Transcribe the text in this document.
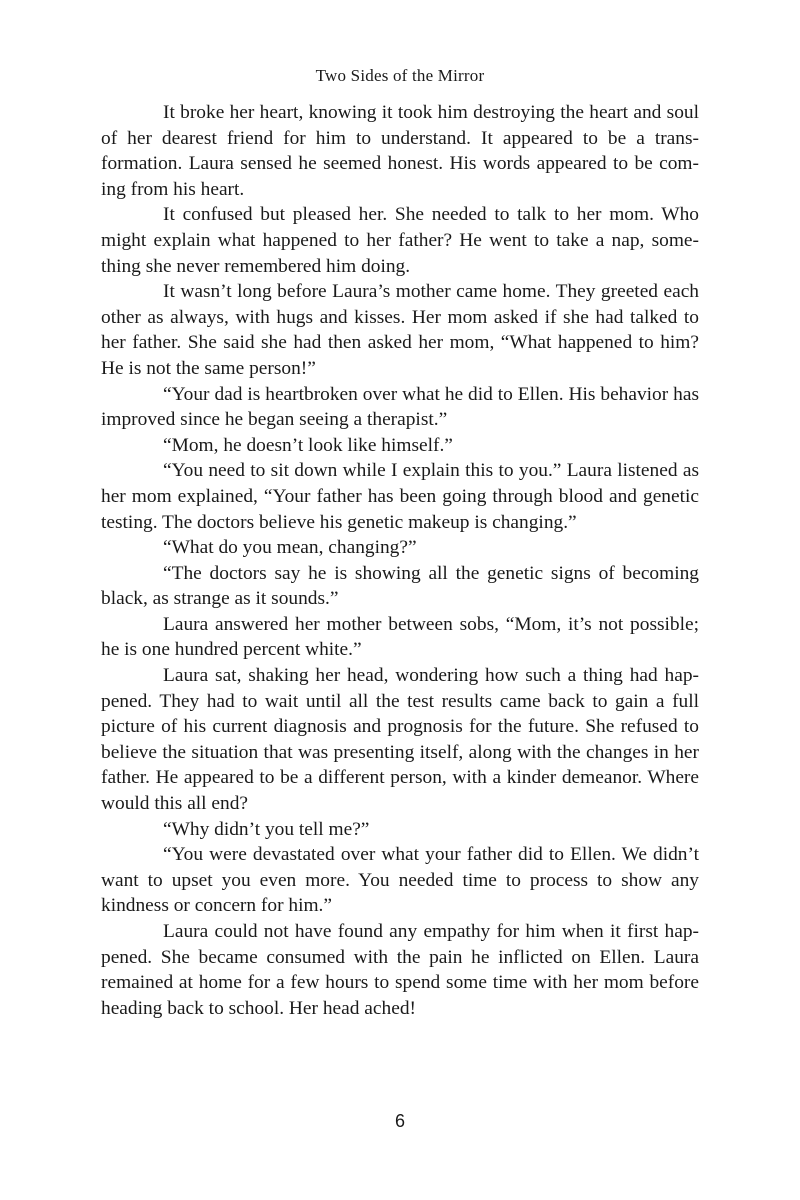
Two Sides of the Mirror

It broke her heart, knowing it took him destroying the heart and soul of her dearest friend for him to understand. It appeared to be a transformation. Laura sensed he seemed honest. His words appeared to be coming from his heart.

It confused but pleased her. She needed to talk to her mom. Who might explain what happened to her father? He went to take a nap, something she never remembered him doing.

It wasn’t long before Laura’s mother came home. They greeted each other as always, with hugs and kisses. Her mom asked if she had talked to her father. She said she had then asked her mom, “What happened to him? He is not the same person!”

“Your dad is heartbroken over what he did to Ellen. His behavior has improved since he began seeing a therapist.”

“Mom, he doesn’t look like himself.”

“You need to sit down while I explain this to you.” Laura listened as her mom explained, “Your father has been going through blood and genetic testing. The doctors believe his genetic makeup is changing.”

“What do you mean, changing?”

“The doctors say he is showing all the genetic signs of becoming black, as strange as it sounds.”

Laura answered her mother between sobs, “Mom, it’s not possible; he is one hundred percent white.”

Laura sat, shaking her head, wondering how such a thing had happened. They had to wait until all the test results came back to gain a full picture of his current diagnosis and prognosis for the future. She refused to believe the situation that was presenting itself, along with the changes in her father. He appeared to be a different person, with a kinder demeanor. Where would this all end?

“Why didn’t you tell me?”

“You were devastated over what your father did to Ellen. We didn’t want to upset you even more. You needed time to process to show any kindness or concern for him.”

Laura could not have found any empathy for him when it first happened. She became consumed with the pain he inflicted on Ellen. Laura remained at home for a few hours to spend some time with her mom before heading back to school. Her head ached!

6
